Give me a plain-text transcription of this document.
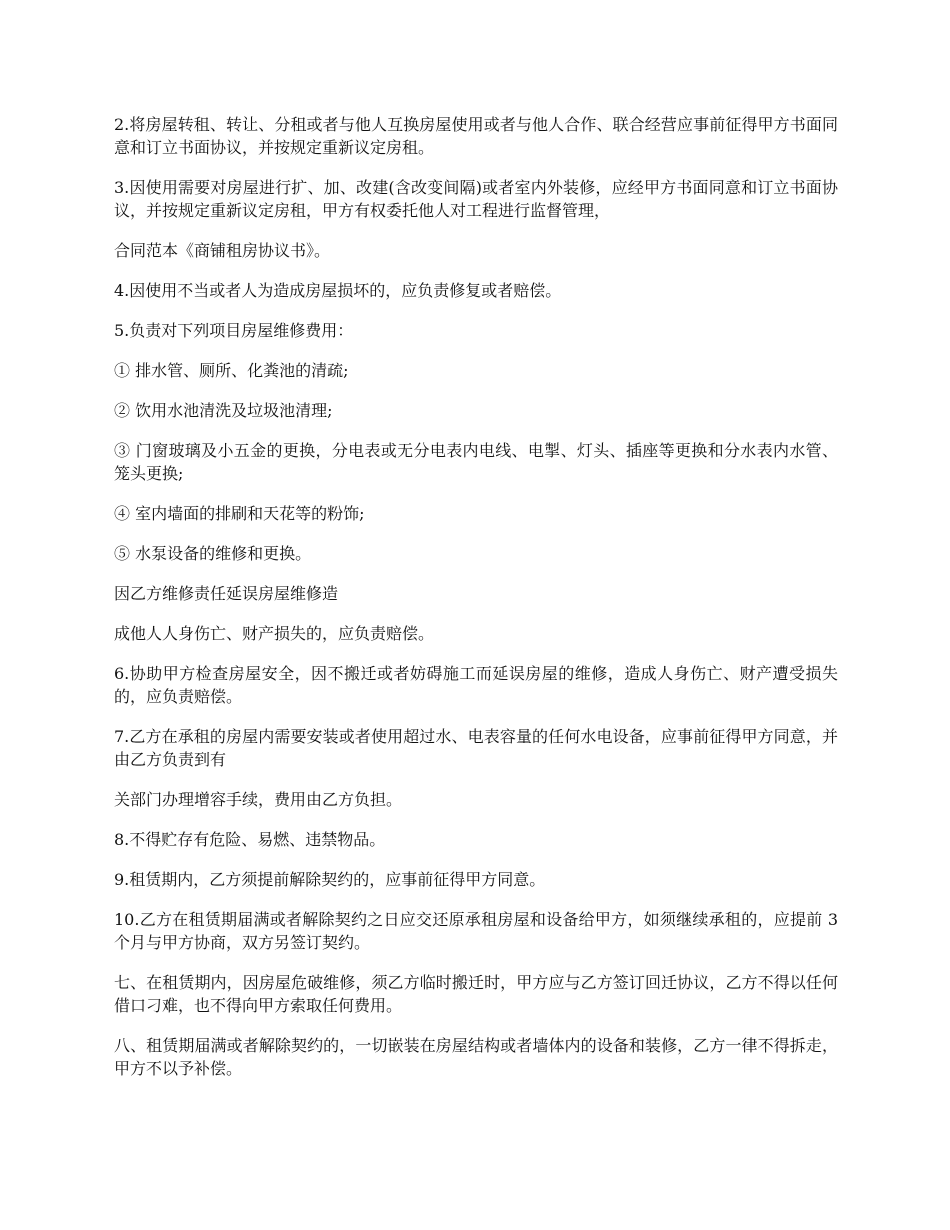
2.将房屋转租、转让、分租或者与他人互换房屋使用或者与他人合作、联合经营应事前征得甲方书面同意和订立书面协议，并按规定重新议定房租。

3.因使用需要对房屋进行扩、加、改建(含改变间隔)或者室内外装修，应经甲方书面同意和订立书面协议，并按规定重新议定房租，甲方有权委托他人对工程进行监督管理，

合同范本《商铺租房协议书》。

4.因使用不当或者人为造成房屋损坏的，应负责修复或者赔偿。

5.负责对下列项目房屋维修费用：

① 排水管、厕所、化粪池的清疏;

② 饮用水池清洗及垃圾池清理;

③ 门窗玻璃及小五金的更换，分电表或无分电表内电线、电掣、灯头、插座等更换和分水表内水管、笼头更换;

④ 室内墙面的排刷和天花等的粉饰;

⑤ 水泵设备的维修和更换。

因乙方维修责任延误房屋维修造

成他人人身伤亡、财产损失的，应负责赔偿。

6.协助甲方检查房屋安全，因不搬迁或者妨碍施工而延误房屋的维修，造成人身伤亡、财产遭受损失的，应负责赔偿。

7.乙方在承租的房屋内需要安装或者使用超过水、电表容量的任何水电设备，应事前征得甲方同意，并由乙方负责到有

关部门办理增容手续，费用由乙方负担。

8.不得贮存有危险、易燃、违禁物品。

9.租赁期内，乙方须提前解除契约的，应事前征得甲方同意。

10.乙方在租赁期届满或者解除契约之日应交还原承租房屋和设备给甲方，如须继续承租的，应提前 3 个月与甲方协商，双方另签订契约。

七、在租赁期内，因房屋危破维修，须乙方临时搬迁时，甲方应与乙方签订回迁协议，乙方不得以任何借口刁难，也不得向甲方索取任何费用。

八、租赁期届满或者解除契约的，一切嵌装在房屋结构或者墙体内的设备和装修，乙方一律不得拆走，甲方不以予补偿。
